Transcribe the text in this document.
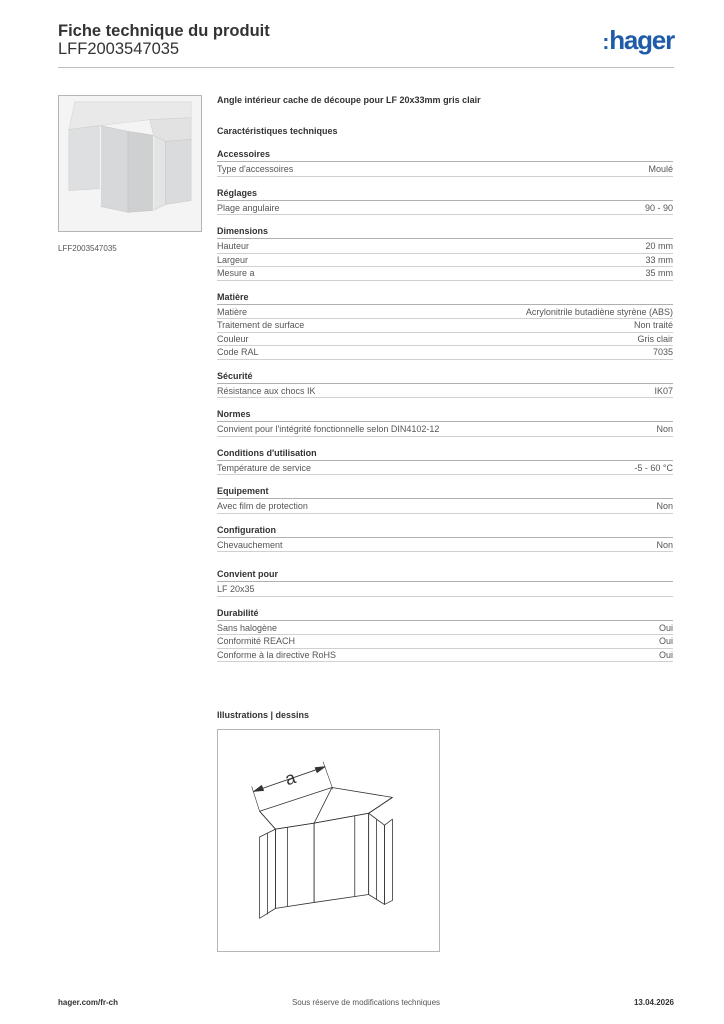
Fiche technique du produit
LFF2003547035	:hager
LFF2003547035
Angle intérieur cache de découpe pour LF 20x33mm gris clair
Caractéristiques techniques
Accessoires
Type d'accessoires	Moulé
Réglages
Plage angulaire	90 - 90
Dimensions
Hauteur	20 mm
Largeur	33 mm
Mesure a	35 mm
Matière
Matière	Acrylonitrile butadiène styrène (ABS)
Traitement de surface	Non traité
Couleur	Gris clair
Code RAL	7035
Sécurité
Résistance aux chocs IK	IK07
Normes
Convient pour l'intégrité fonctionnelle selon DIN4102-12	Non
Conditions d'utilisation
Température de service	-5 - 60 °C
Equipement
Avec film de protection	Non
Configuration
Chevauchement	Non
Convient pour
LF 20x35
Durabilité
Sans halogène	Oui
Conformité REACH	Oui
Conforme à la directive RoHS	Oui
Illustrations | dessins
a
hager.com/fr-ch	Sous réserve de modifications techniques	13.04.2026
